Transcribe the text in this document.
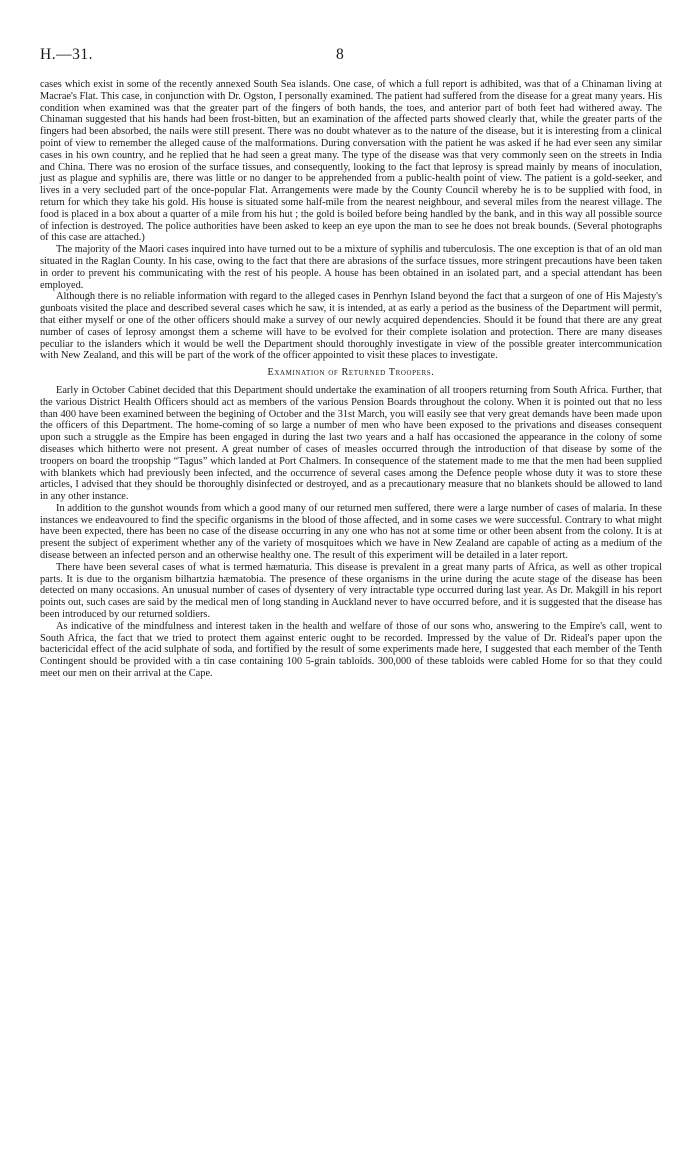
H.—31.	8

cases which exist in some of the recently annexed South Sea islands. One case, of which a full report is adhibited, was that of a Chinaman living at Macrae's Flat. This case, in conjunction with Dr. Ogston, I personally examined. The patient had suffered from the disease for a great many years. His condition when examined was that the greater part of the fingers of both hands, the toes, and anterior part of both feet had withered away. The Chinaman suggested that his hands had been frost-bitten, but an examination of the affected parts showed clearly that, while the greater parts of the fingers had been absorbed, the nails were still present. There was no doubt whatever as to the nature of the disease, but it is interesting from a clinical point of view to remember the alleged cause of the malformations. During conversation with the patient he was asked if he had ever seen any similar cases in his own country, and he replied that he had seen a great many. The type of the disease was that very commonly seen on the streets in India and China. There was no erosion of the surface tissues, and consequently, looking to the fact that leprosy is spread mainly by means of inoculation, just as plague and syphilis are, there was little or no danger to be apprehended from a public-health point of view. The patient is a gold-seeker, and lives in a very secluded part of the once-popular Flat. Arrangements were made by the County Council whereby he is to be supplied with food, in return for which they take his gold. His house is situated some half-mile from the nearest neighbour, and several miles from the nearest village. The food is placed in a box about a quarter of a mile from his hut ; the gold is boiled before being handled by the bank, and in this way all possible source of infection is destroyed. The police authorities have been asked to keep an eye upon the man to see he does not break bounds. (Several photographs of this case are attached.)

The majority of the Maori cases inquired into have turned out to be a mixture of syphilis and tuberculosis. The one exception is that of an old man situated in the Raglan County. In his case, owing to the fact that there are abrasions of the surface tissues, more stringent precautions have been taken in order to prevent his communicating with the rest of his people. A house has been obtained in an isolated part, and a special attendant has been employed.

Although there is no reliable information with regard to the alleged cases in Penrhyn Island beyond the fact that a surgeon of one of His Majesty's gunboats visited the place and described several cases which he saw, it is intended, at as early a period as the business of the Department will permit, that either myself or one of the other officers should make a survey of our newly acquired dependencies. Should it be found that there are any great number of cases of leprosy amongst them a scheme will have to be evolved for their complete isolation and protection. There are many diseases peculiar to the islanders which it would be well the Department should thoroughly investigate in view of the possible greater intercommunication with New Zealand, and this will be part of the work of the officer appointed to visit these places to investigate.

Examination of Returned Troopers.

Early in October Cabinet decided that this Department should undertake the examination of all troopers returning from South Africa. Further, that the various District Health Officers should act as members of the various Pension Boards throughout the colony. When it is pointed out that no less than 400 have been examined between the begining of October and the 31st March, you will easily see that very great demands have been made upon the officers of this Department. The home-coming of so large a number of men who have been exposed to the privations and diseases consequent upon such a struggle as the Empire has been engaged in during the last two years and a half has occasioned the appearance in the colony of some diseases which hitherto were not present. A great number of cases of measles occurred through the introduction of that disease by some of the troopers on board the troopship “Tagus” which landed at Port Chalmers. In consequence of the statement made to me that the men had been supplied with blankets which had previously been infected, and the occurrence of several cases among the Defence people whose duty it was to store these articles, I advised that they should be thoroughly disinfected or destroyed, and as a precautionary measure that no blankets should be allowed to land in any other instance.

In addition to the gunshot wounds from which a good many of our returned men suffered, there were a large number of cases of malaria. In these instances we endeavoured to find the specific organisms in the blood of those affected, and in some cases we were successful. Contrary to what might have been expected, there has been no case of the disease occurring in any one who has not at some time or other been absent from the colony. It is at present the subject of experiment whether any of the variety of mosquitoes which we have in New Zealand are capable of acting as a medium of the disease between an infected person and an otherwise healthy one. The result of this experiment will be detailed in a later report.

There have been several cases of what is termed hæmaturia. This disease is prevalent in a great many parts of Africa, as well as other tropical parts. It is due to the organism bilhartzia hæmatobia. The presence of these organisms in the urine during the acute stage of the disease has been detected on many occasions. An unusual number of cases of dysentery of very intractable type occurred during last year. As Dr. Makgill in his report points out, such cases are said by the medical men of long standing in Auckland never to have occurred before, and it is suggested that the disease has been introduced by our returned soldiers.

As indicative of the mindfulness and interest taken in the health and welfare of those of our sons who, answering to the Empire's call, went to South Africa, the fact that we tried to protect them against enteric ought to be recorded. Impressed by the value of Dr. Rideal's paper upon the bactericidal effect of the acid sulphate of soda, and fortified by the result of some experiments made here, I suggested that each member of the Tenth Contingent should be provided with a tin case containing 100 5-grain tabloids. 300,000 of these tabloids were cabled Home for so that they could meet our men on their arrival at the Cape.
